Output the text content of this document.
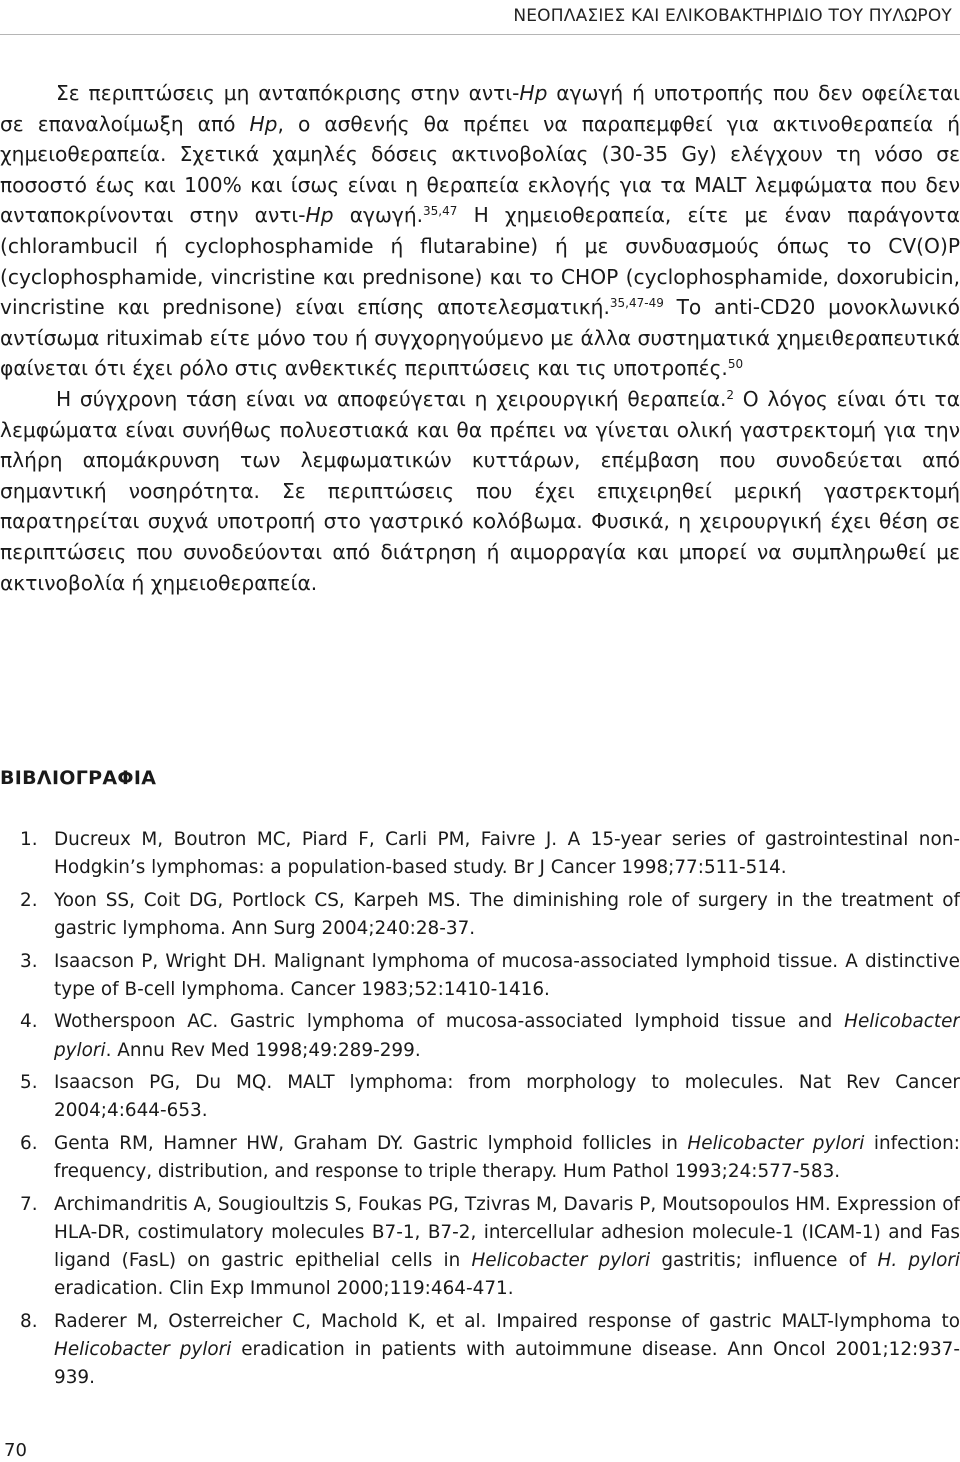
ΝΕΟΠΛΑΣΙΕΣ ΚΑΙ ΕΛΙΚΟΒΑΚΤΗΡΙΔΙΟ ΤΟΥ ΠΥΛΩΡΟΥ

Σε περιπτώσεις μη ανταπόκρισης στην αντι-Hp αγωγή ή υποτροπής που δεν οφείλεται σε επαναλοίμωξη από Hp, ο ασθενής θα πρέπει να παραπεμφθεί για ακτινοθεραπεία ή χημειοθεραπεία. Σχετικά χαμηλές δόσεις ακτινοβολίας (30-35 Gy) ελέγχουν τη νόσο σε ποσοστό έως και 100% και ίσως είναι η θεραπεία εκλογής για τα MALT λεμφώματα που δεν ανταποκρίνονται στην αντι-Hp αγωγή.$^{35,47}$ Η χημειοθεραπεία, είτε με έναν παράγοντα (chlorambucil ή cyclophosphamide ή flutarabine) ή με συνδυασμούς όπως το CV(O)P (cyclophosphamide, vincristine και prednisone) και το CHOP (cyclophosphamide, doxorubicin, vincristine και prednisone) είναι επίσης αποτελεσματική.$^{35,47-49}$ Το anti-CD20 μονοκλωνικό αντίσωμα rituximab είτε μόνο του ή συγχορηγούμενο με άλλα συστηματικά χημειθεραπευτικά φαίνεται ότι έχει ρόλο στις ανθεκτικές περιπτώσεις και τις υποτροπές.$^{50}$

Η σύγχρονη τάση είναι να αποφεύγεται η χειρουργική θεραπεία.$^2$ Ο λόγος είναι ότι τα λεμφώματα είναι συνήθως πολυεστιακά και θα πρέπει να γίνεται ολική γαστρεκτομή για την πλήρη απομάκρυνση των λεμφωματικών κυττάρων, επέμβαση που συνοδεύεται από σημαντική νοσηρότητα. Σε περιπτώσεις που έχει επιχειρηθεί μερική γαστρεκτομή παρατηρείται συχνά υποτροπή στο γαστρικό κολόβωμα. Φυσικά, η χειρουργική έχει θέση σε περιπτώσεις που συνοδεύονται από διάτρηση ή αιμορραγία και μπορεί να συμπληρωθεί με ακτινοβολία ή χημειοθεραπεία.

ΒΙΒΛΙΟΓΡΑΦΙΑ
1. Ducreux M, Boutron MC, Piard F, Carli PM, Faivre J. A 15-year series of gastrointestinal non-Hodgkin’s lymphomas: a population-based study. Br J Cancer 1998;77:511-514.
2. Yoon SS, Coit DG, Portlock CS, Karpeh MS. The diminishing role of surgery in the treatment of gastric lymphoma. Ann Surg 2004;240:28-37.
3. Isaacson P, Wright DH. Malignant lymphoma of mucosa-associated lymphoid tissue. A distinctive type of B-cell lymphoma. Cancer 1983;52:1410-1416.
4. Wotherspoon AC. Gastric lymphoma of mucosa-associated lymphoid tissue and Helicobacter pylori. Annu Rev Med 1998;49:289-299.
5. Isaacson PG, Du MQ. MALT lymphoma: from morphology to molecules. Nat Rev Cancer 2004;4:644-653.
6. Genta RM, Hamner HW, Graham DY. Gastric lymphoid follicles in Helicobacter pylori infection: frequency, distribution, and response to triple therapy. Hum Pathol 1993;24:577-583.
7. Archimandritis A, Sougioultzis S, Foukas PG, Tzivras M, Davaris P, Moutsopoulos HM. Expression of HLA-DR, costimulatory molecules B7-1, B7-2, intercellular adhesion molecule-1 (ICAM-1) and Fas ligand (FasL) on gastric epithelial cells in Helicobacter pylori gastritis; influence of H. pylori eradication. Clin Exp Immunol 2000;119:464-471.
8. Raderer M, Osterreicher C, Machold K, et al. Impaired response of gastric MALT-lymphoma to Helicobacter pylori eradication in patients with autoimmune disease. Ann Oncol 2001;12:937-939.
70
